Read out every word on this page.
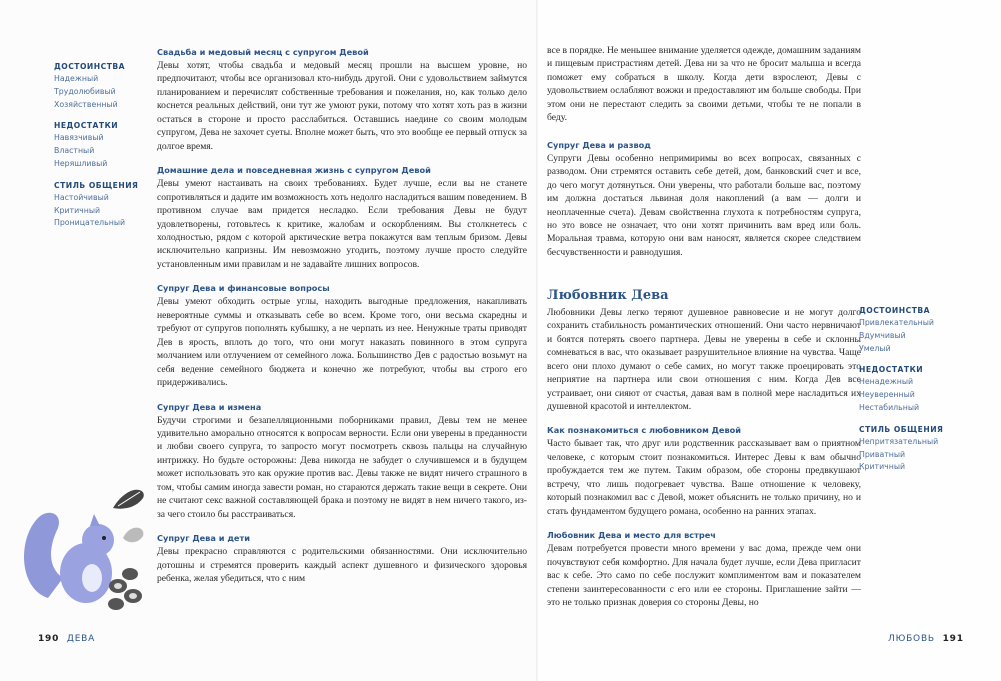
ДОСТОИНСТВА
Надежный
Трудолюбивый
Хозяйственный
НЕДОСТАТКИ
Навязчивый
Властный
Неряшливый
СТИЛЬ ОБЩЕНИЯ
Настойчивый
Критичный
Проницательный
Свадьба и медовый месяц с супругом Девой

Девы хотят, чтобы свадьба и медовый месяц прошли на высшем уровне, но предпочитают, чтобы все организовал кто-нибудь другой. Они с удовольствием займутся планированием и перечислят собственные требования и пожелания, но, как только дело коснется реальных действий, они тут же умоют руки, потому что хотят хоть раз в жизни остаться в стороне и просто расслабиться. Оставшись наедине со своим молодым супругом, Дева не захочет суеты. Вполне может быть, что это вообще ее первый отпуск за долгое время.

Домашние дела и повседневная жизнь с супругом Девой

Девы умеют настаивать на своих требованиях. Будет лучше, если вы не станете сопротивляться и дадите им возможность хоть недолго насладиться вашим поведением. В противном случае вам придется несладко. Если требования Девы не будут удовлетворены, готовьтесь к критике, жалобам и оскорблениям. Вы столкнетесь с холодностью, рядом с которой арктические ветра покажутся вам теплым бризом. Девы исключительно капризны. Им невозможно угодить, поэтому лучше просто следуйте установленным ими правилам и не задавайте лишних вопросов.

Супруг Дева и финансовые вопросы

Девы умеют обходить острые углы, находить выгодные предложения, накапливать невероятные суммы и отказывать себе во всем. Кроме того, они весьма скаредны и требуют от супругов пополнять кубышку, а не черпать из нее. Ненужные траты приводят Дев в ярость, вплоть до того, что они могут наказать повинного в этом супруга молчанием или отлучением от семейного ложа. Большинство Дев с радостью возьмут на себя ведение семейного бюджета и конечно же потребуют, чтобы вы строго его придерживались.

Супруг Дева и измена

Будучи строгими и безапелляционными поборниками правил, Девы тем не менее удивительно аморально относятся к вопросам верности. Если они уверены в преданности и любви своего супруга, то запросто могут посмотреть сквозь пальцы на случайную интрижку. Но будьте осторожны: Дева никогда не забудет о случившемся и в будущем может использовать это как оружие против вас. Девы также не видят ничего страшного в том, чтобы самим иногда завести роман, но стараются держать такие вещи в секрете. Они не считают секс важной составляющей брака и поэтому не видят в нем ничего такого, из-за чего стоило бы расстраиваться.

Супруг Дева и дети

Девы прекрасно справляются с родительскими обязанностями. Они исключительно дотошны и стремятся проверить каждый аспект душевного и физического здоровья ребенка, желая убедиться, что с ним

190 ДЕВА

все в порядке. Не меньшее внимание уделяется одежде, домашним заданиям и пищевым пристрастиям детей. Дева ни за что не бросит малыша и всегда поможет ему собраться в школу. Когда дети взрослеют, Девы с удовольствием ослабляют вожжи и предоставляют им больше свободы. При этом они не перестают следить за своими детьми, чтобы те не попали в беду.

Супруг Дева и развод

Супруги Девы особенно непримиримы во всех вопросах, связанных с разводом. Они стремятся оставить себе детей, дом, банковский счет и все, до чего могут дотянуться. Они уверены, что работали больше вас, поэтому им должна достаться львиная доля накоплений (а вам — долги и неоплаченные счета). Девам свойственна глухота к потребностям супруга, но это вовсе не означает, что они хотят причинить вам вред или боль. Моральная травма, которую они вам наносят, является скорее следствием бесчувственности и равнодушия.

Любовник Дева

Любовники Девы легко теряют душевное равновесие и не могут долго сохранить стабильность романтических отношений. Они часто нервничают и боятся потерять своего партнера. Девы не уверены в себе и склонны сомневаться в вас, что оказывает разрушительное влияние на чувства. Чаще всего они плохо думают о себе самих, но могут также проецировать это неприятие на партнера или свои отношения с ним. Когда Дев все устраивает, они сияют от счастья, давая вам в полной мере насладиться их душевной красотой и интеллектом.

Как познакомиться с любовником Девой

Часто бывает так, что друг или родственник рассказывает вам о приятном человеке, с которым стоит познакомиться. Интерес Девы к вам обычно пробуждается тем же путем. Таким образом, обе стороны предвкушают встречу, что лишь подогревает чувства. Ваше отношение к человеку, который познакомил вас с Девой, может объяснить не только причину, но и стать фундаментом будущего романа, особенно на ранних этапах.

Любовник Дева и место для встреч

Девам потребуется провести много времени у вас дома, прежде чем они почувствуют себя комфортно. Для начала будет лучше, если Дева пригласит вас к себе. Это само по себе послужит комплиментом вам и показателем степени заинтересованности с его или ее стороны. Приглашение зайти — это не только признак доверия со стороны Девы, но

ДОСТОИНСТВА
Привлекательный
Вдумчивый
Умелый
НЕДОСТАТКИ
Ненадежный
Неуверенный
Нестабильный
СТИЛЬ ОБЩЕНИЯ
Непритязательный
Приватный
Критичный
ЛЮБОВЬ 191
